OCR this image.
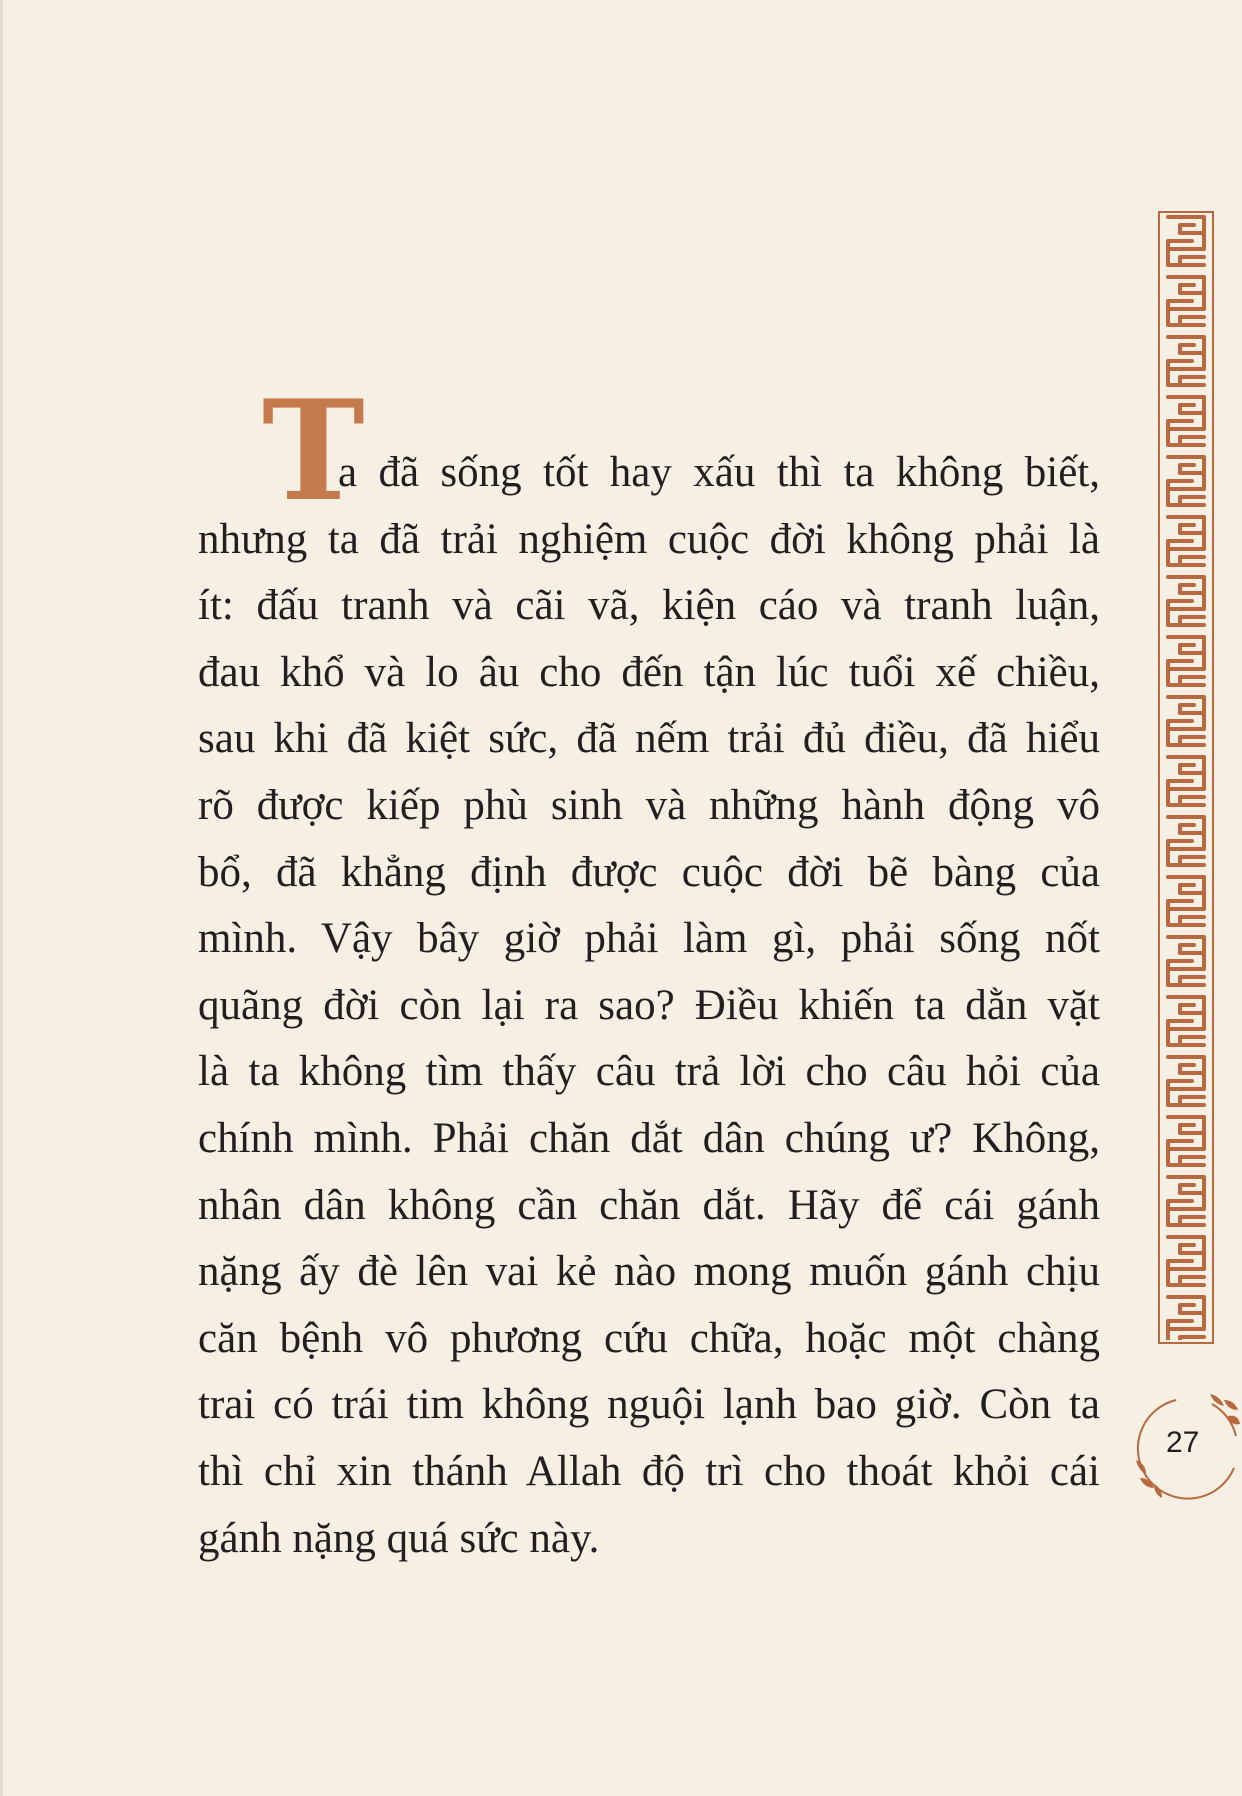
T

a đã sống tốt hay xấu thì ta không biết,
nhưng ta đã trải nghiệm cuộc đời không phải là
ít: đấu tranh và cãi vã, kiện cáo và tranh luận,
đau khổ và lo âu cho đến tận lúc tuổi xế chiều,
sau khi đã kiệt sức, đã nếm trải đủ điều, đã hiểu
rõ được kiếp phù sinh và những hành động vô
bổ, đã khẳng định được cuộc đời bẽ bàng của
mình. Vậy bây giờ phải làm gì, phải sống nốt
quãng đời còn lại ra sao? Điều khiến ta dằn vặt
là ta không tìm thấy câu trả lời cho câu hỏi của
chính mình. Phải chăn dắt dân chúng ư? Không,
nhân dân không cần chăn dắt. Hãy để cái gánh
nặng ấy đè lên vai kẻ nào mong muốn gánh chịu
căn bệnh vô phương cứu chữa, hoặc một chàng
trai có trái tim không nguội lạnh bao giờ. Còn ta
thì chỉ xin thánh Allah độ trì cho thoát khỏi cái
gánh nặng quá sức này.

27
